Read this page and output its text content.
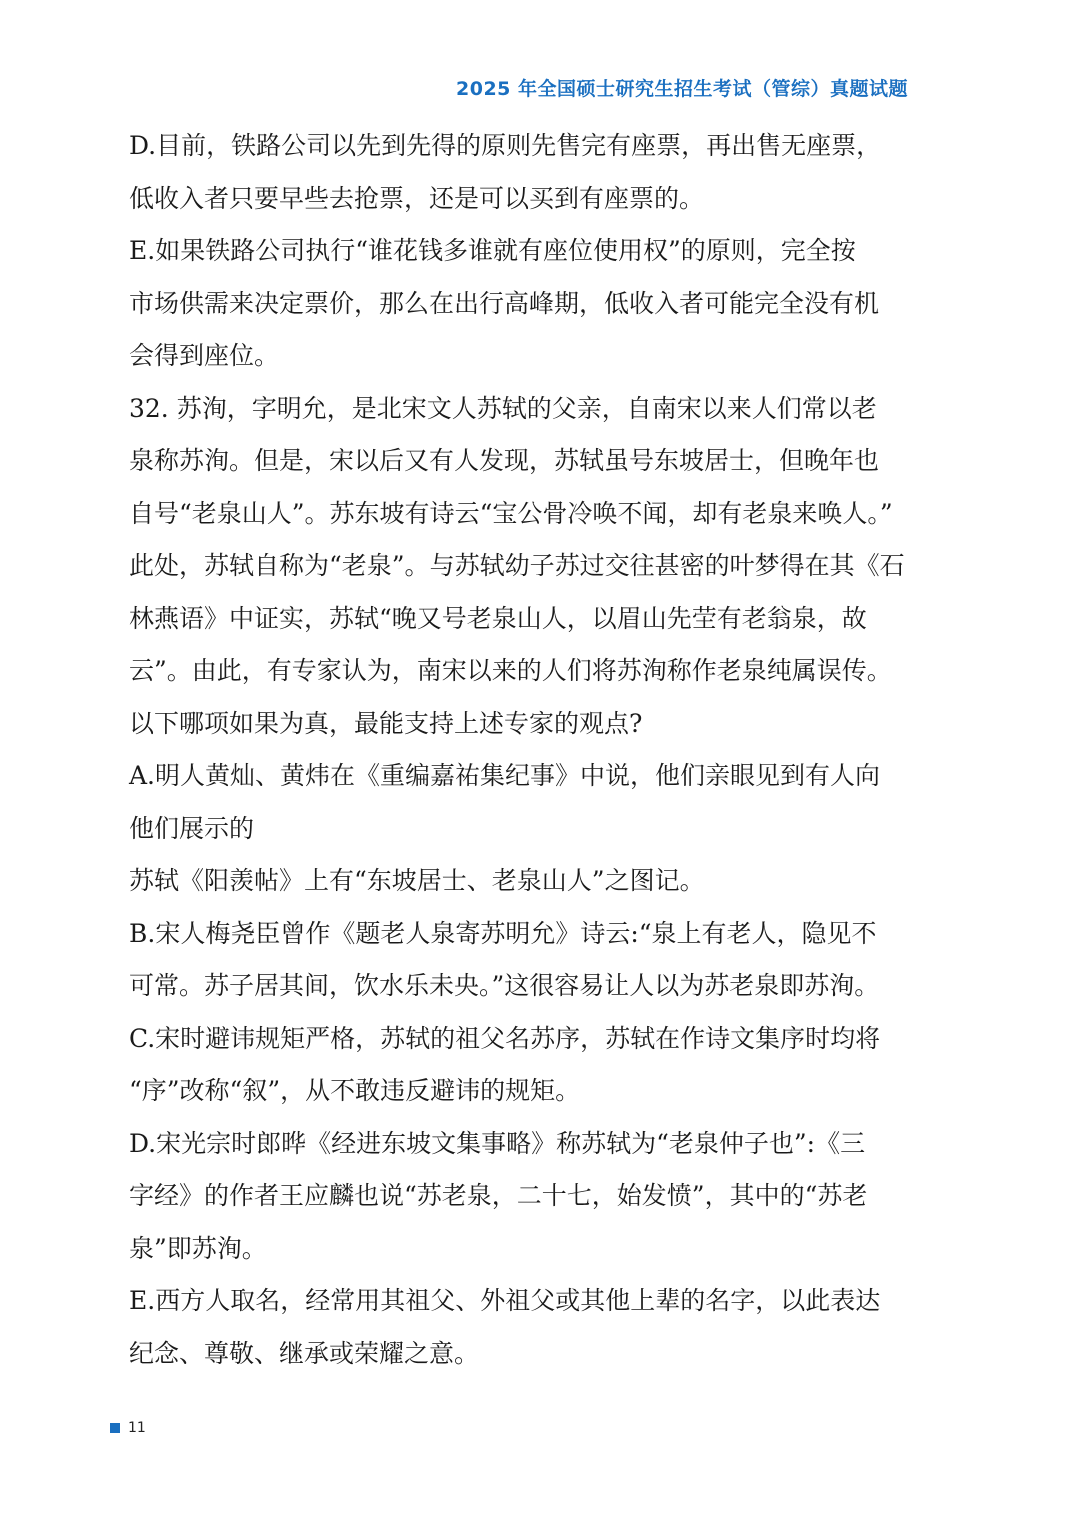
2025 年全国硕士研究生招生考试（管综）真题试题
D.目前，铁路公司以先到先得的原则先售完有座票，再出售无座票，
低收入者只要早些去抢票，还是可以买到有座票的。
E.如果铁路公司执行“谁花钱多谁就有座位使用权”的原则，完全按
市场供需来决定票价，那么在出行高峰期，低收入者可能完全没有机
会得到座位。
32. 苏洵，字明允，是北宋文人苏轼的父亲，自南宋以来人们常以老
泉称苏洵。但是，宋以后又有人发现，苏轼虽号东坡居士，但晚年也
自号“老泉山人”。苏东坡有诗云“宝公骨冷唤不闻，却有老泉来唤人。”
此处，苏轼自称为“老泉”。与苏轼幼子苏过交往甚密的叶梦得在其《石
林燕语》中证实，苏轼“晚又号老泉山人，以眉山先茔有老翁泉，故
云”。由此，有专家认为，南宋以来的人们将苏洵称作老泉纯属误传。
以下哪项如果为真，最能支持上述专家的观点?
A.明人黄灿、黄炜在《重编嘉祐集纪事》中说，他们亲眼见到有人向
他们展示的
苏轼《阳羡帖》上有“东坡居士、老泉山人”之图记。
B.宋人梅尧臣曾作《题老人泉寄苏明允》诗云:“泉上有老人，隐见不
可常。苏子居其间，饮水乐未央。”这很容易让人以为苏老泉即苏洵。
C.宋时避讳规矩严格，苏轼的祖父名苏序，苏轼在作诗文集序时均将
“序”改称“叙”，从不敢违反避讳的规矩。
D.宋光宗时郎晔《经进东坡文集事略》称苏轼为“老泉仲子也”:《三
字经》的作者王应麟也说“苏老泉，二十七，始发愤”，其中的“苏老
泉”即苏洵。
E.西方人取名，经常用其祖父、外祖父或其他上辈的名字，以此表达
纪念、尊敬、继承或荣耀之意。
11
